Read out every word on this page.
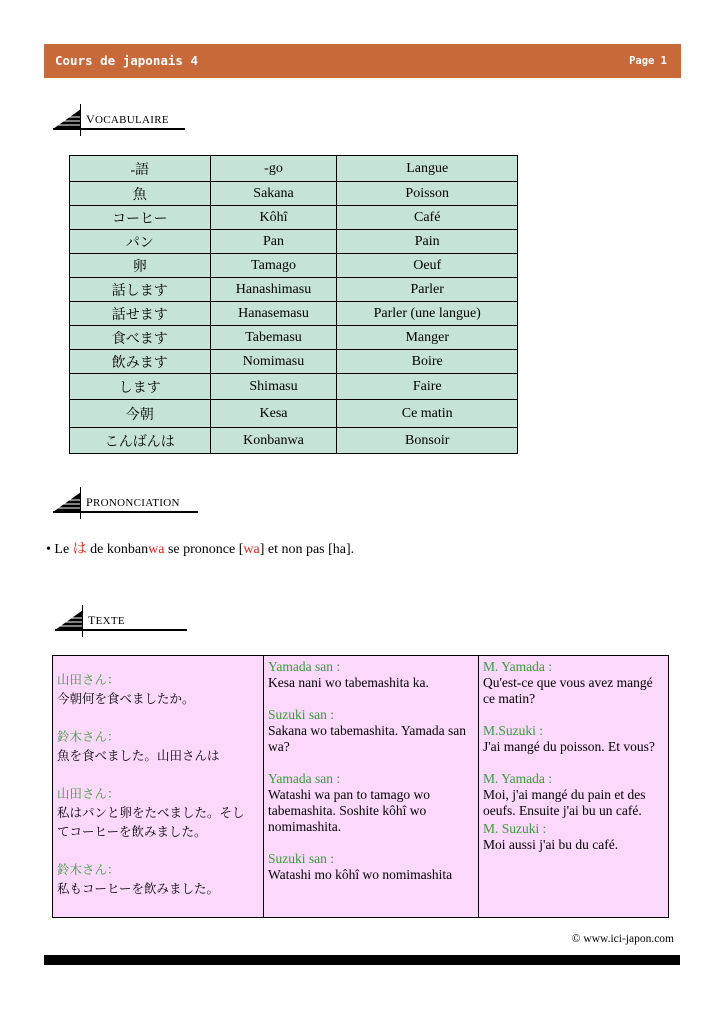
Cours de japonais 4	Page 1
VOCABULAIRE
-語	-go	Langue
魚	Sakana	Poisson
コーヒー	Kôhî	Café
パン	Pan	Pain
卵	Tamago	Oeuf
話します	Hanashimasu	Parler
話せます	Hanasemasu	Parler (une langue)
食べます	Tabemasu	Manger
飲みます	Nomimasu	Boire
します	Shimasu	Faire
今朝	Kesa	Ce matin
こんばんは	Konbanwa	Bonsoir
PRONONCIATION
• Le は de konbanwa se prononce [wa] et non pas [ha].
TEXTE
山田さん：
今朝何を食べましたか。
鈴木さん：
魚を食べました。山田さんは
山田さん：
私はパンと卵をたべました。そし
てコーヒーを飲みました。
鈴木さん：
私もコーヒーを飲みました。

Yamada san :
Kesa nani wo tabemashita ka.
Suzuki san :
Sakana wo tabemashita. Yamada san wa?
Yamada san :
Watashi wa pan to tamago wo tabemashita. Soshite kôhî wo nomimashita.
Suzuki san :
Watashi mo kôhî wo nomimashita

M. Yamada :
Qu'est-ce que vous avez mangé ce matin?
M.Suzuki :
J'ai mangé du poisson. Et vous?
M. Yamada :
Moi, j'ai mangé du pain et des oeufs. Ensuite j'ai bu un café.
M. Suzuki :
Moi aussi j'ai bu du café.
© www.ici-japon.com
